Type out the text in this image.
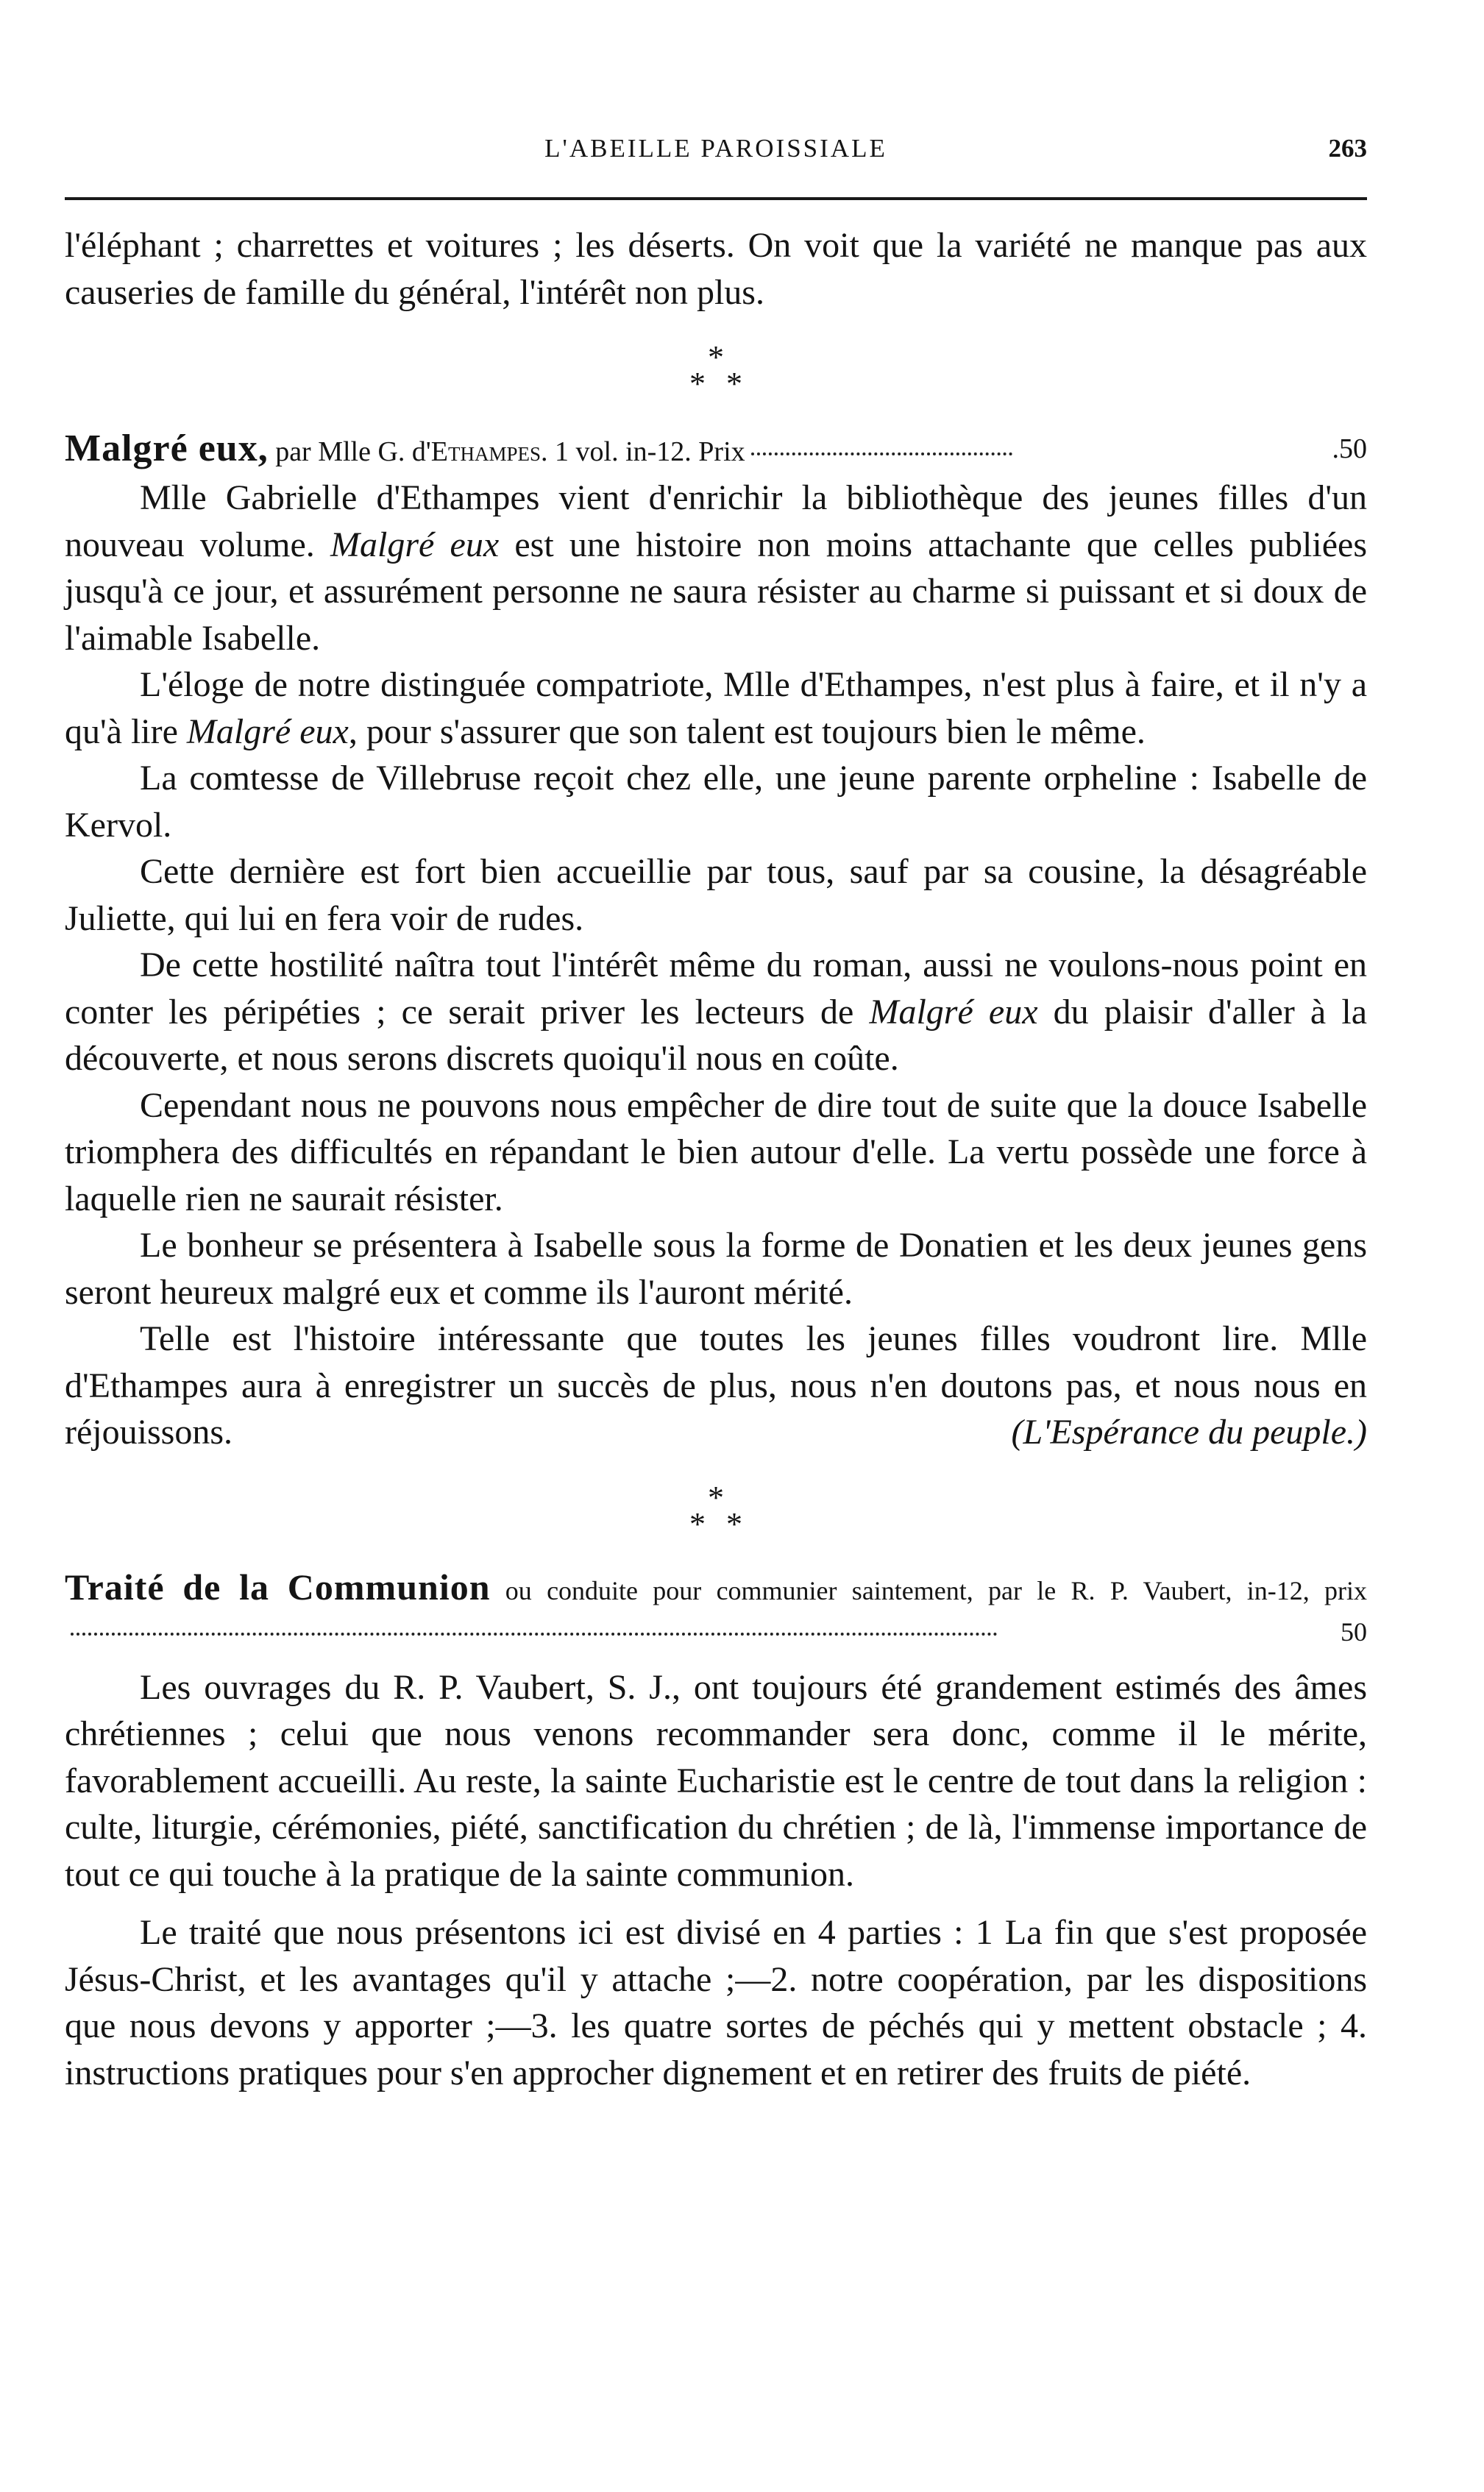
L'ABEILLE PAROISSIALE	263

l'éléphant ; charrettes et voitures ; les déserts. On voit que la variété ne manque pas aux causeries de famille du général, l'intérêt non plus.

*
**
Malgré eux, par Mlle G. d'Ethampes. 1 vol. in-12. Prix	.50

Mlle Gabrielle d'Ethampes vient d'enrichir la bibliothèque des jeunes filles d'un nouveau volume. Malgré eux est une histoire non moins attachante que celles publiées jusqu'à ce jour, et assurément personne ne saura résister au charme si puissant et si doux de l'aimable Isabelle.

L'éloge de notre distinguée compatriote, Mlle d'Ethampes, n'est plus à faire, et il n'y a qu'à lire Malgré eux, pour s'assurer que son talent est toujours bien le même.

La comtesse de Villebruse reçoit chez elle, une jeune parente orpheline : Isabelle de Kervol.

Cette dernière est fort bien accueillie par tous, sauf par sa cousine, la désagréable Juliette, qui lui en fera voir de rudes.

De cette hostilité naîtra tout l'intérêt même du roman, aussi ne voulons-nous point en conter les péripéties ; ce serait priver les lecteurs de Malgré eux du plaisir d'aller à la découverte, et nous serons discrets quoiqu'il nous en coûte.

Cependant nous ne pouvons nous empêcher de dire tout de suite que la douce Isabelle triomphera des difficultés en répandant le bien autour d'elle. La vertu possède une force à laquelle rien ne saurait résister.

Le bonheur se présentera à Isabelle sous la forme de Donatien et les deux jeunes gens seront heureux malgré eux et comme ils l'auront mérité.

Telle est l'histoire intéressante que toutes les jeunes filles voudront lire. Mlle d'Ethampes aura à enregistrer un succès de plus, nous n'en doutons pas, et nous nous en réjouissons.	(L'Espérance du peuple.)

*
**
Traité de la Communion ou conduite pour communier saintement, par le R. P. Vaubert, in-12, prix
50

Les ouvrages du R. P. Vaubert, S. J., ont toujours été grandement estimés des âmes chrétiennes ; celui que nous venons recommander sera donc, comme il le mérite, favorablement accueilli. Au reste, la sainte Eucharistie est le centre de tout dans la religion : culte, liturgie, cérémonies, piété, sanctification du chrétien ; de là, l'immense importance de tout ce qui touche à la pratique de la sainte communion.

Le traité que nous présentons ici est divisé en 4 parties : 1 La fin que s'est proposée Jésus-Christ, et les avantages qu'il y attache ;—2. notre coopération, par les dispositions que nous devons y apporter ;—3. les quatre sortes de péchés qui y mettent obstacle ; 4. instructions pratiques pour s'en approcher dignement et en retirer des fruits de piété.
